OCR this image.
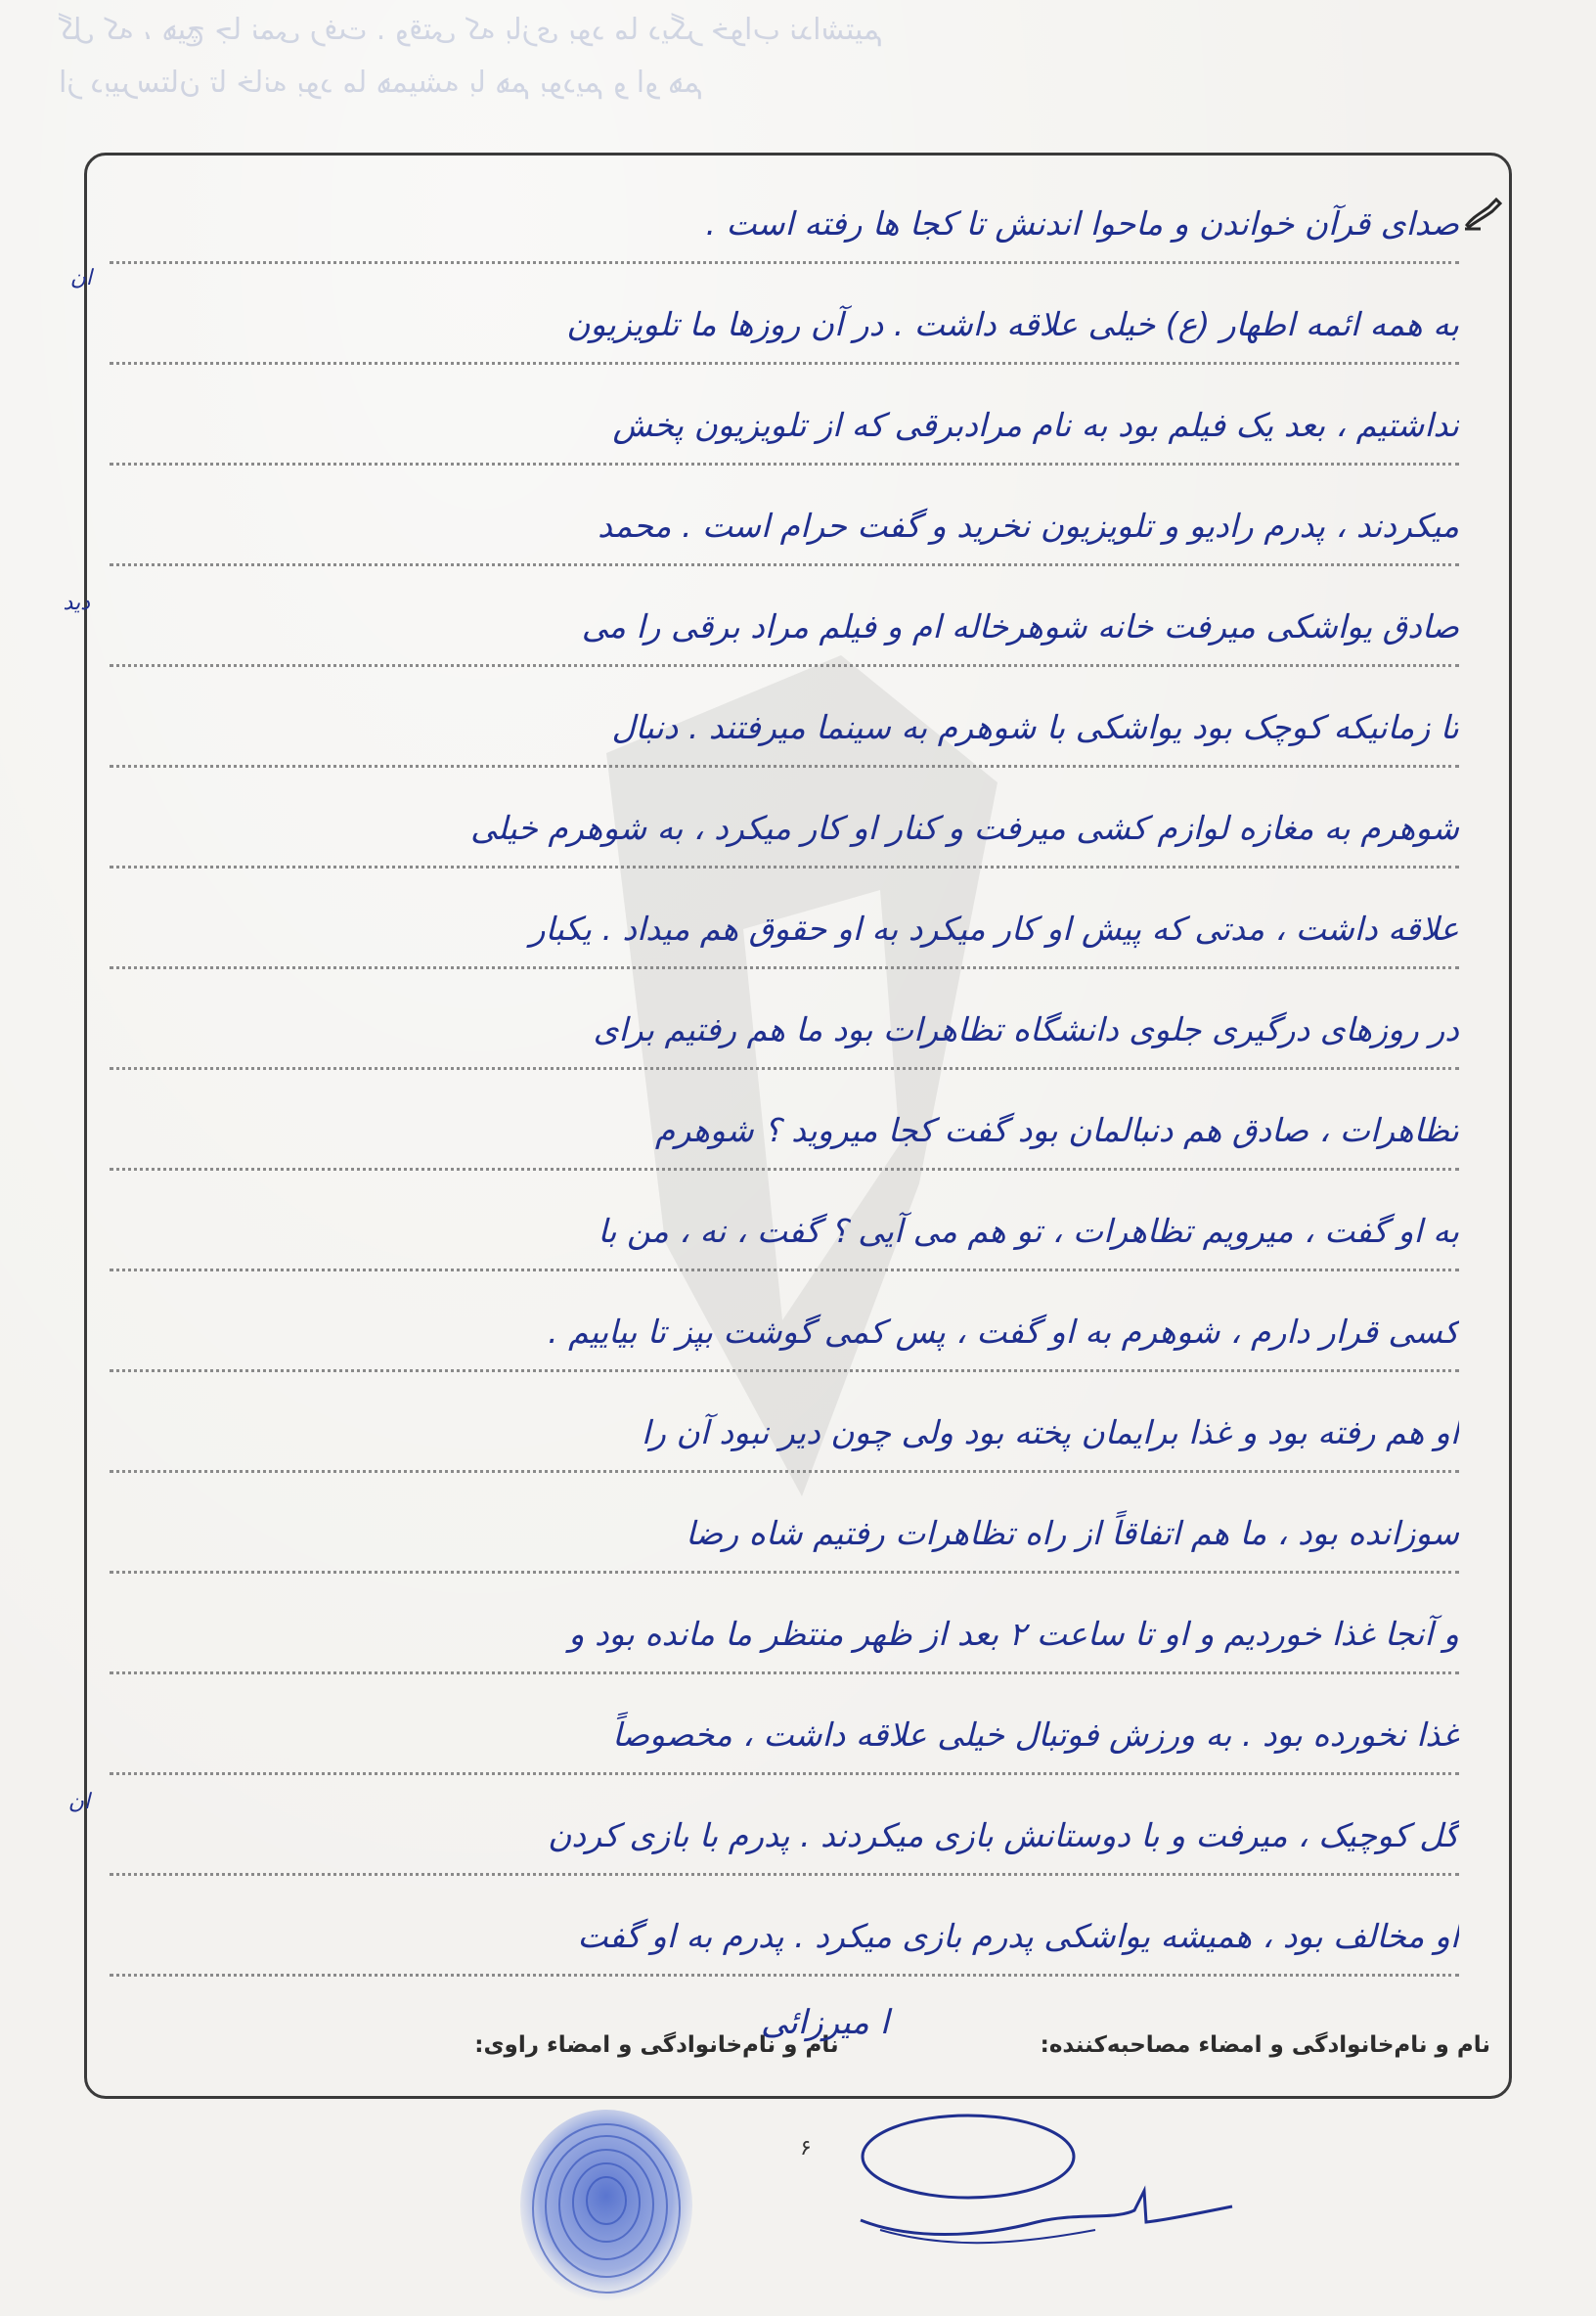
گل که ، هیچ جا نمی رفت . وقتی که بازی بود ما دیگر خواب نداشتیم
از دبیرستان تا خانه بود ما همیشه با هم بودیم و او هم
ان
دید
ان
صدای قرآن خواندن و ماحوا اندنش تا کجا ها رفته است .
به همه ائمه اطهار (ع) خیلی علاقه داشت . در آن روزها ما تلویزیون
نداشتیم ، بعد یک فیلم بود به نام مرادبرقی که از تلویزیون پخش
میکردند ، پدرم رادیو و تلویزیون نخرید و گفت حرام است . محمد
صادق یواشکی میرفت خانه شوهرخاله ام و فیلم مراد برقی را می
تا زمانیکه کوچک بود یواشکی با شوهرم به سینما میرفتند . دنبال
شوهرم به مغازه لوازم کشی میرفت و کنار او کار میکرد ، به شوهرم خیلی
علاقه داشت ، مدتی که پیش او کار میکرد به او حقوق هم میداد . یکبار
در روزهای درگیری جلوی دانشگاه تظاهرات بود ما هم رفتیم برای
تظاهرات ، صادق هم دنبالمان بود گفت کجا میروید ؟ شوهرم
به او گفت ، میرویم تظاهرات ، تو هم می آیی ؟ گفت ، نه ، من با
کسی قرار دارم ، شوهرم به او گفت ، پس کمی گوشت بپز تا بیاییم .
او هم رفته بود و غذا برایمان پخته بود ولی چون دیر نبود آن را
سوزانده بود ، ما هم اتفاقاً از راه تظاهرات رفتیم شاه رضا
و آنجا غذا خوردیم و او تا ساعت ۲ بعد از ظهر منتظر ما مانده بود و
غذا نخورده بود . به ورزش فوتبال خیلی علاقه داشت ، مخصوصاً
گل کوچیک ، میرفت و با دوستانش بازی میکردند . پدرم با بازی کردن
او مخالف بود ، همیشه یواشکی پدرم بازی میکرد . پدرم به او گفت
نام و نام‌خانوادگی و امضاء مصاحبه‌کننده:  نام و نام‌خانوادگی و امضاء راوی:
ا میرزائی
۶
